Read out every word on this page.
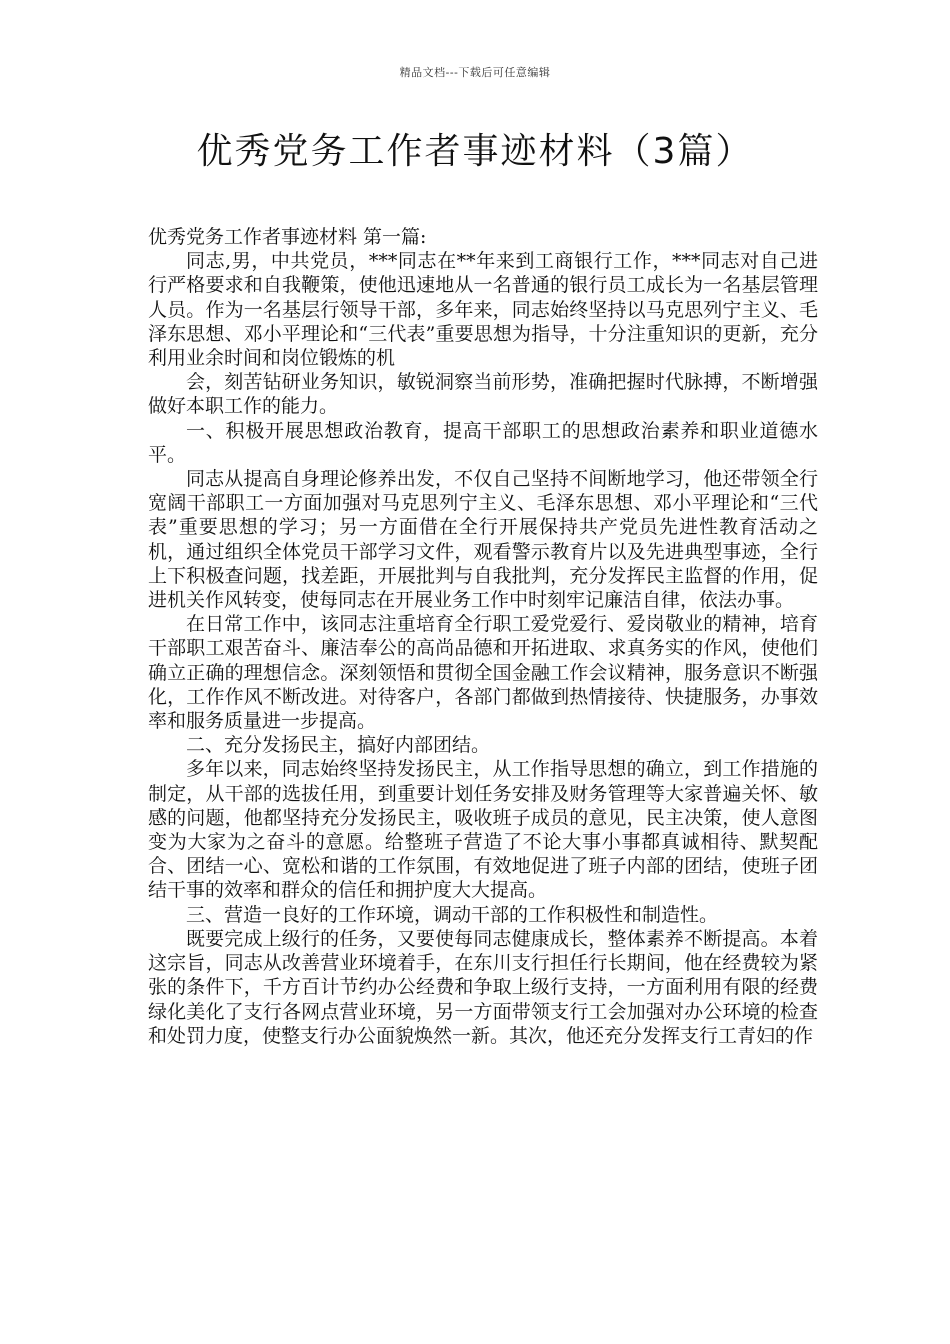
精品文档---下载后可任意编辑
优秀党务工作者事迹材料（3篇）

优秀党务工作者事迹材料 第一篇:

同志,男，中共党员，***同志在**年来到工商银行工作，***同志对自己进行严格要求和自我鞭策，使他迅速地从一名普通的银行员工成长为一名基层管理人员。作为一名基层行领导干部，多年来，同志始终坚持以马克思列宁主义、毛泽东思想、邓小平理论和“三代表”重要思想为指导，十分注重知识的更新，充分利用业余时间和岗位锻炼的机

会，刻苦钻研业务知识，敏锐洞察当前形势，准确把握时代脉搏，不断增强做好本职工作的能力。

一、积极开展思想政治教育，提高干部职工的思想政治素养和职业道德水平。

同志从提高自身理论修养出发，不仅自己坚持不间断地学习，他还带领全行宽阔干部职工一方面加强对马克思列宁主义、毛泽东思想、邓小平理论和“三代表”重要思想的学习；另一方面借在全行开展保持共产党员先进性教育活动之机，通过组织全体党员干部学习文件，观看警示教育片以及先进典型事迹，全行上下积极查问题，找差距，开展批判与自我批判，充分发挥民主监督的作用，促进机关作风转变，使每同志在开展业务工作中时刻牢记廉洁自律，依法办事。

在日常工作中，该同志注重培育全行职工爱党爱行、爱岗敬业的精神，培育干部职工艰苦奋斗、廉洁奉公的高尚品德和开拓进取、求真务实的作风，使他们确立正确的理想信念。深刻领悟和贯彻全国金融工作会议精神，服务意识不断强化，工作作风不断改进。对待客户，各部门都做到热情接待、快捷服务，办事效率和服务质量进一步提高。

二、充分发扬民主，搞好内部团结。

多年以来，同志始终坚持发扬民主，从工作指导思想的确立，到工作措施的制定，从干部的选拔任用，到重要计划任务安排及财务管理等大家普遍关怀、敏感的问题，他都坚持充分发扬民主，吸收班子成员的意见，民主决策，使人意图变为大家为之奋斗的意愿。给整班子营造了不论大事小事都真诚相待、默契配合、团结一心、宽松和谐的工作氛围，有效地促进了班子内部的团结，使班子团结干事的效率和群众的信任和拥护度大大提高。

三、营造一良好的工作环境，调动干部的工作积极性和制造性。

既要完成上级行的任务，又要使每同志健康成长，整体素养不断提高。本着这宗旨，同志从改善营业环境着手，在东川支行担任行长期间，他在经费较为紧张的条件下，千方百计节约办公经费和争取上级行支持，一方面利用有限的经费绿化美化了支行各网点营业环境，另一方面带领支行工会加强对办公环境的检查和处罚力度，使整支行办公面貌焕然一新。其次，他还充分发挥支行工青妇的作
